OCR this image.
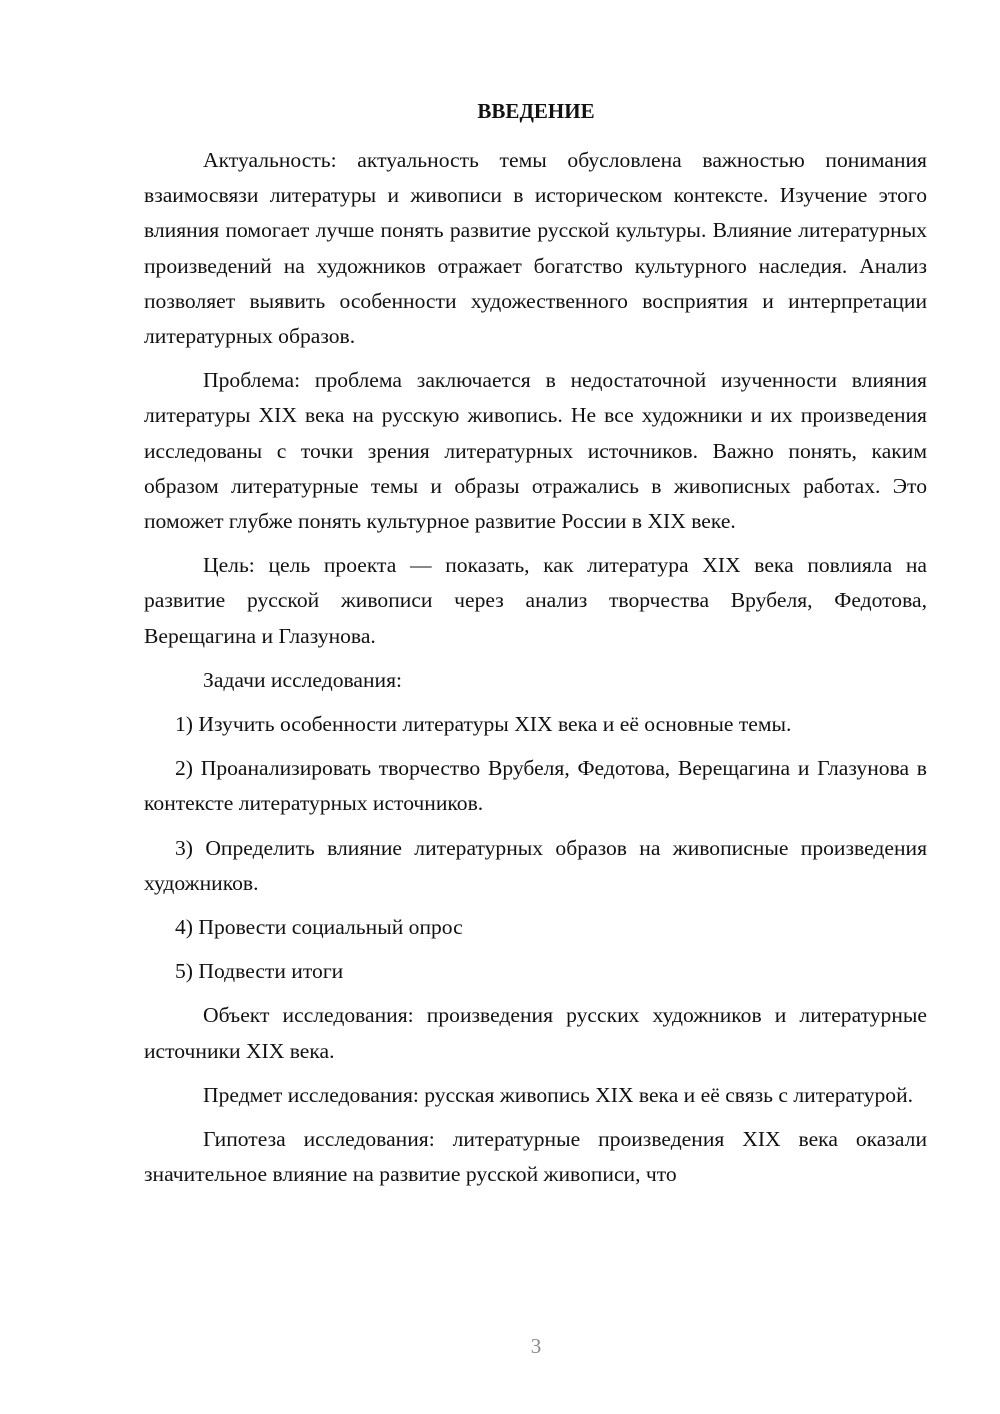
ВВЕДЕНИЕ

Актуальность: актуальность темы обусловлена важностью понимания взаимосвязи литературы и живописи в историческом контексте. Изучение этого влияния помогает лучше понять развитие русской культуры. Влияние литературных произведений на художников отражает богатство культурного наследия. Анализ позволяет выявить особенности художественного восприятия и интерпретации литературных образов.

Проблема: проблема заключается в недостаточной изученности влияния литературы XIX века на русскую живопись. Не все художники и их произведения исследованы с точки зрения литературных источников. Важно понять, каким образом литературные темы и образы отражались в живописных работах. Это поможет глубже понять культурное развитие России в XIX веке.

Цель: цель проекта — показать, как литература XIX века повлияла на развитие русской живописи через анализ творчества Врубеля, Федотова, Верещагина и Глазунова.

Задачи исследования:

1) Изучить особенности литературы XIX века и её основные темы.

2) Проанализировать творчество Врубеля, Федотова, Верещагина и Глазунова в контексте литературных источников.

3) Определить влияние литературных образов на живописные произведения художников.

4) Провести социальный опрос

5) Подвести итоги

Объект исследования: произведения русских художников и литературные источники XIX века.

Предмет исследования: русская живопись XIX века и её связь с литературой.

Гипотеза исследования: литературные произведения XIX века оказали значительное влияние на развитие русской живописи, что

3
